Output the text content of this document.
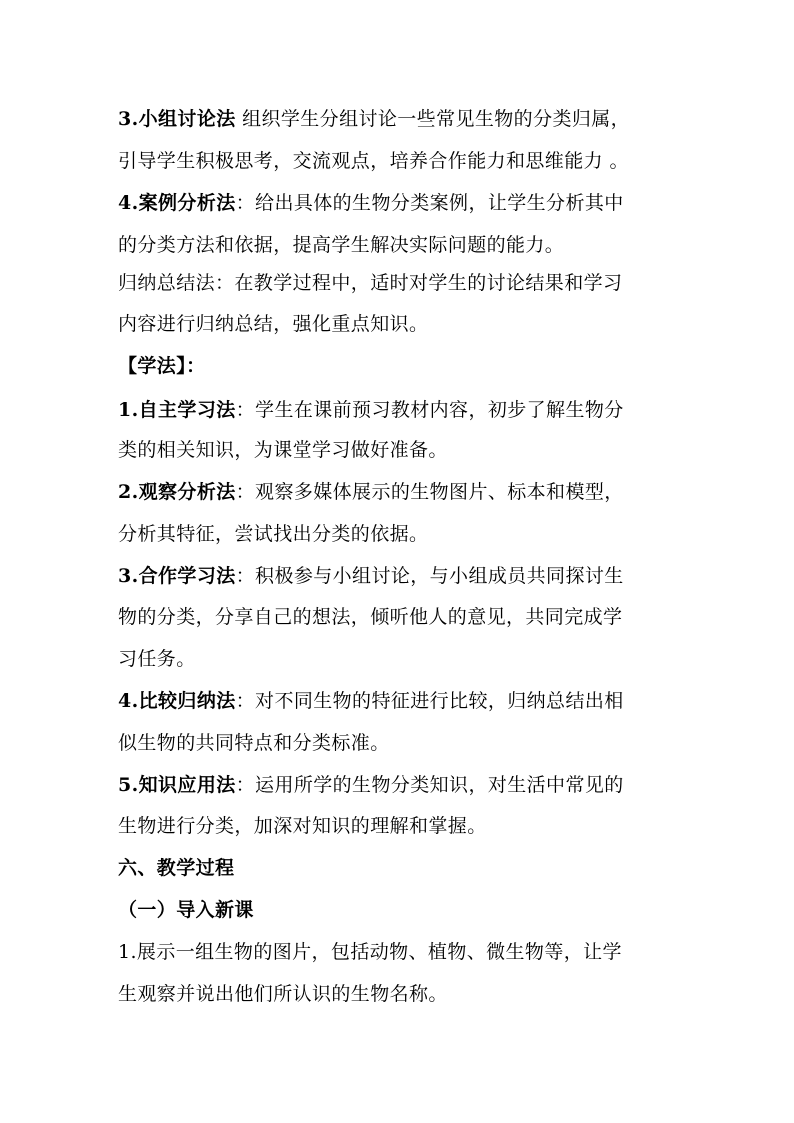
3.小组讨论法 组织学生分组讨论一些常见生物的分类归属，
引导学生积极思考，交流观点，培养合作能力和思维能力 。
4.案例分析法：给出具体的生物分类案例，让学生分析其中
的分类方法和依据，提高学生解决实际问题的能力。
归纳总结法：在教学过程中，适时对学生的讨论结果和学习
内容进行归纳总结，强化重点知识。
【学法】：
1.自主学习法：学生在课前预习教材内容，初步了解生物分
类的相关知识，为课堂学习做好准备。
2.观察分析法：观察多媒体展示的生物图片、标本和模型，
分析其特征，尝试找出分类的依据。
3.合作学习法：积极参与小组讨论，与小组成员共同探讨生
物的分类，分享自己的想法，倾听他人的意见，共同完成学
习任务。
4.比较归纳法：对不同生物的特征进行比较，归纳总结出相
似生物的共同特点和分类标准。
5.知识应用法：运用所学的生物分类知识，对生活中常见的
生物进行分类，加深对知识的理解和掌握。
六、教学过程
（一）导入新课
1.展示一组生物的图片，包括动物、植物、微生物等，让学
生观察并说出他们所认识的生物名称。
